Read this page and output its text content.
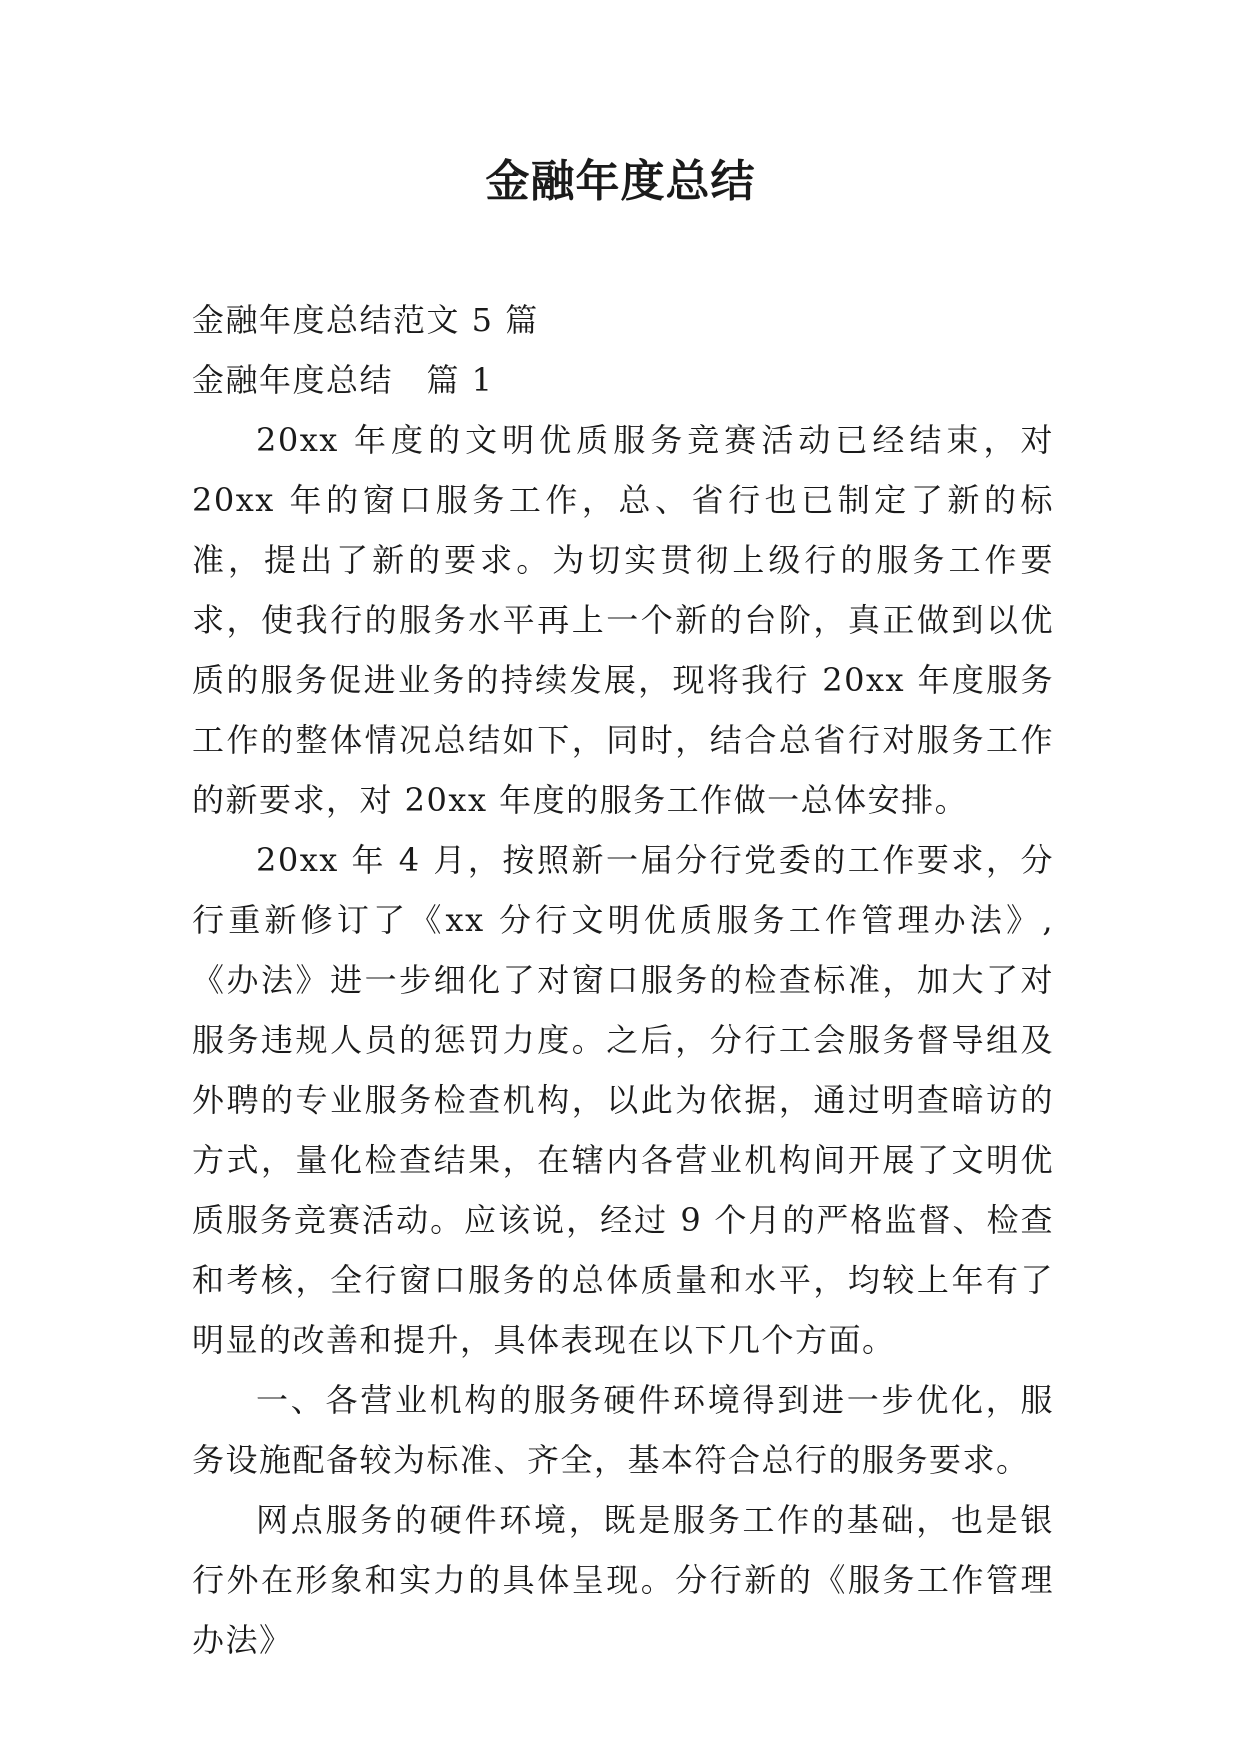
金融年度总结

金融年度总结范文 5 篇

金融年度总结　篇 1

20xx 年度的文明优质服务竞赛活动已经结束，对 20xx 年的窗口服务工作，总、省行也已制定了新的标准，提出了新的要求。为切实贯彻上级行的服务工作要求，使我行的服务水平再上一个新的台阶，真正做到以优质的服务促进业务的持续发展，现将我行 20xx 年度服务工作的整体情况总结如下，同时，结合总省行对服务工作的新要求，对 20xx 年度的服务工作做一总体安排。

20xx 年 4 月，按照新一届分行党委的工作要求，分行重新修订了《xx 分行文明优质服务工作管理办法》,《办法》进一步细化了对窗口服务的检查标准，加大了对服务违规人员的惩罚力度。之后，分行工会服务督导组及外聘的专业服务检查机构，以此为依据，通过明查暗访的方式，量化检查结果，在辖内各营业机构间开展了文明优质服务竞赛活动。应该说，经过 9 个月的严格监督、检查和考核，全行窗口服务的总体质量和水平，均较上年有了明显的改善和提升，具体表现在以下几个方面。

一、各营业机构的服务硬件环境得到进一步优化，服务设施配备较为标准、齐全，基本符合总行的服务要求。

网点服务的硬件环境，既是服务工作的基础，也是银行外在形象和实力的具体呈现。分行新的《服务工作管理办法》
